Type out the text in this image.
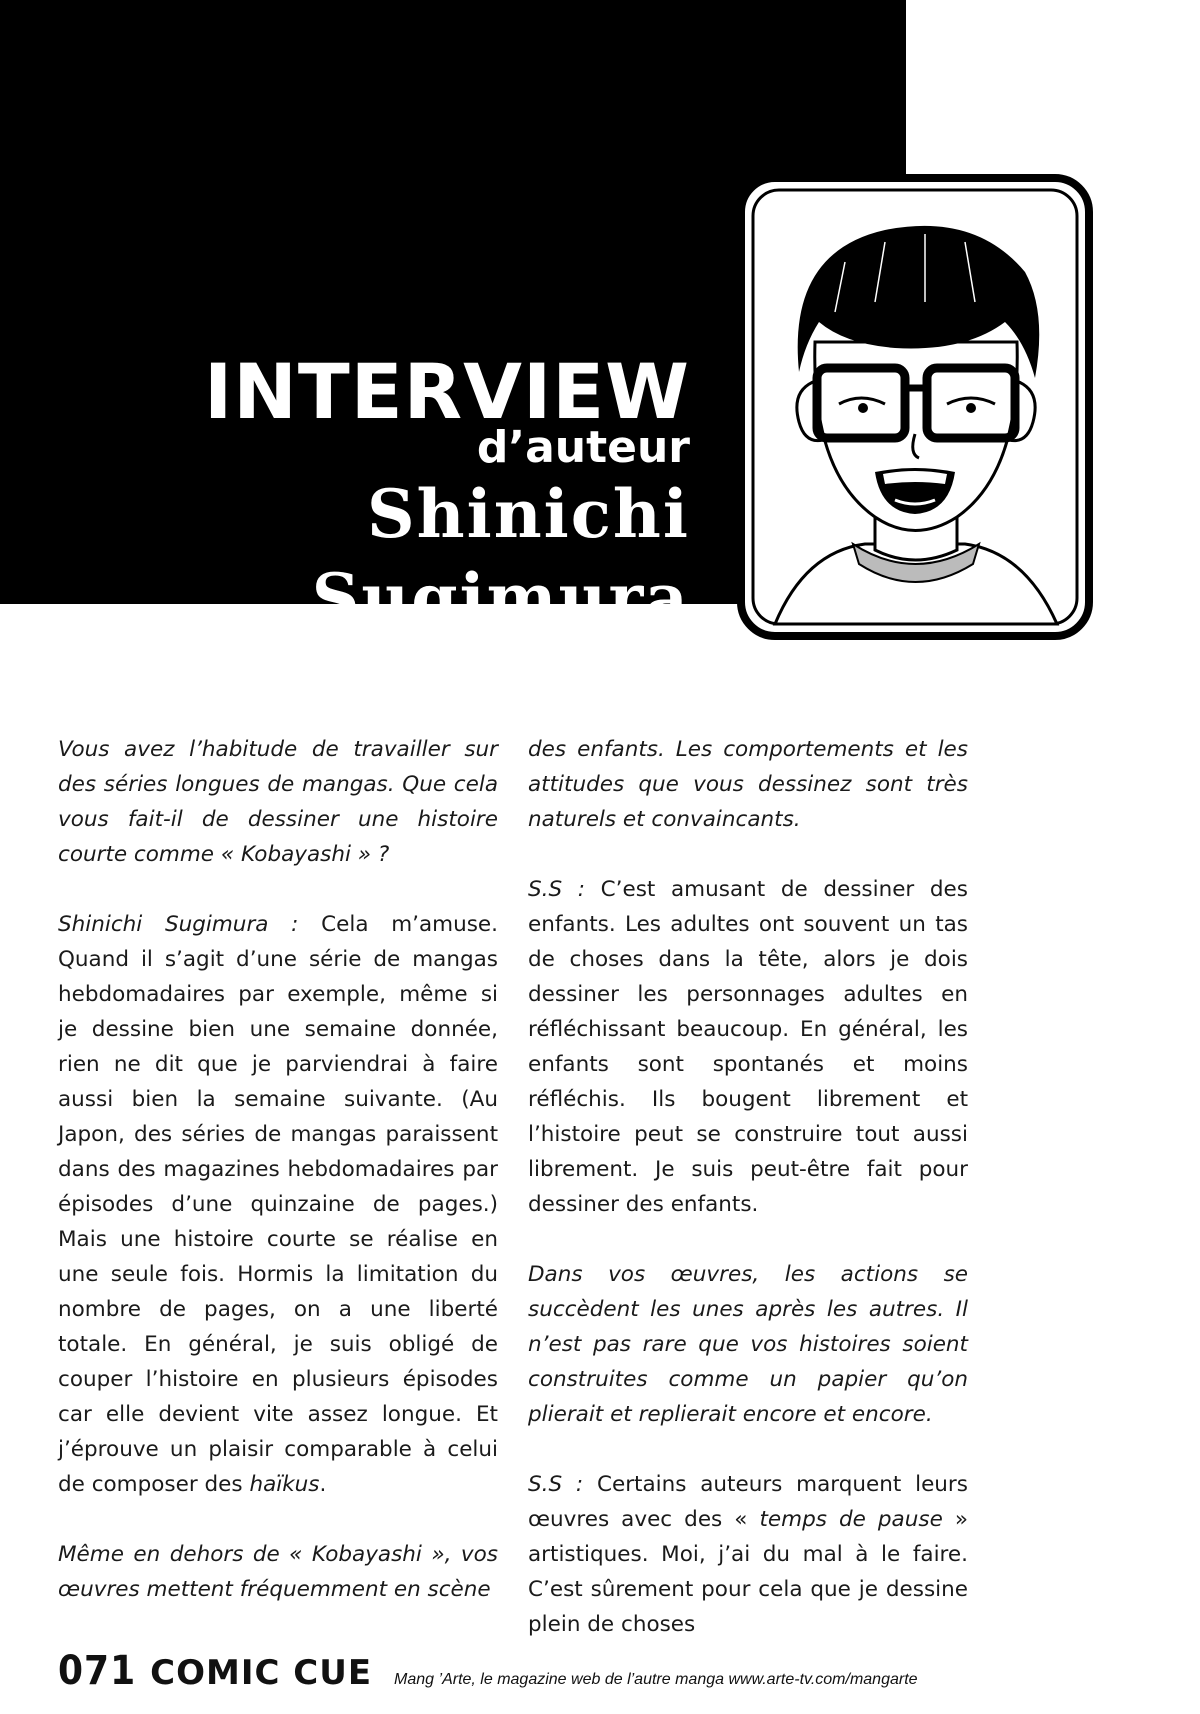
INTERVIEW
d’auteur
Shinichi Sugimura

Vous avez l’habitude de travailler sur des séries longues de mangas. Que cela vous fait-il de dessiner une histoire courte comme « Kobayashi » ?

Shinichi Sugimura : Cela m’amuse. Quand il s’agit d’une série de mangas hebdomadaires par exemple, même si je dessine bien une semaine donnée, rien ne dit que je parviendrai à faire aussi bien la semaine suivante. (Au Japon, des séries de mangas paraissent dans des magazines hebdomadaires par épisodes d’une quinzaine de pages.) Mais une histoire courte se réalise en une seule fois. Hormis la limitation du nombre de pages, on a une liberté totale. En général, je suis obligé de couper l’histoire en plusieurs épisodes car elle devient vite assez longue. Et j’éprouve un plaisir comparable à celui de composer des haïkus.

Même en dehors de « Kobayashi », vos œuvres mettent fréquemment en scène

des enfants. Les comportements et les attitudes que vous dessinez sont très naturels et convaincants.

S.S : C’est amusant de dessiner des enfants. Les adultes ont souvent un tas de choses dans la tête, alors je dois dessiner les personnages adultes en réfléchissant beaucoup. En général, les enfants sont spontanés et moins réfléchis. Ils bougent librement et l’histoire peut se construire tout aussi librement. Je suis peut-être fait pour dessiner des enfants.

Dans vos œuvres, les actions se succèdent les unes après les autres. Il n’est pas rare que vos histoires soient construites comme un papier qu’on plierait et replierait encore et encore.

S.S : Certains auteurs marquent leurs œuvres avec des « temps de pause » artistiques. Moi, j’ai du mal à le faire. C’est sûrement pour cela que je dessine plein de choses

071 COMIC CUE Mang ’Arte, le magazine web de l’autre manga www.arte-tv.com/mangarte
